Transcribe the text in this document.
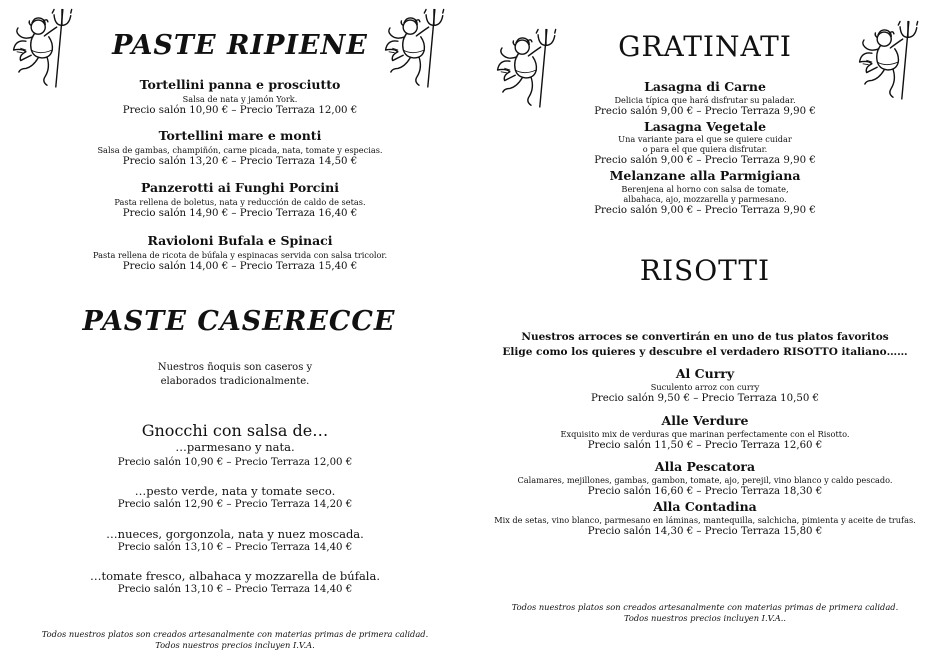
PASTE RIPIENE
Tortellini panna e prosciutto
Salsa de nata y jamón York.
Precio salón 10,90 € – Precio Terraza 12,00 €
Tortellini mare e monti
Salsa de gambas, champiñón, carne picada, nata, tomate y especias.
Precio salón 13,20 € – Precio Terraza 14,50 €
Panzerotti ai Funghi Porcini
Pasta rellena de boletus, nata y reducción de caldo de setas.
Precio salón 14,90 € – Precio Terraza 16,40 €
Ravioloni Bufala e Spinaci
Pasta rellena de ricota de búfala y espinacas servida con salsa tricolor.
Precio salón 14,00 € – Precio Terraza 15,40 €
PASTE CASERECCE
Nuestros ñoquis son caseros y
elaborados tradicionalmente.
Gnocchi con salsa de…
…parmesano y nata.
Precio salón 10,90 € – Precio Terraza 12,00 €
…pesto verde, nata y tomate seco.
Precio salón 12,90 € – Precio Terraza 14,20 €
…nueces, gorgonzola, nata y nuez moscada.
Precio salón 13,10 € – Precio Terraza 14,40 €
…tomate fresco, albahaca y mozzarella de búfala.
Precio salón 13,10 € – Precio Terraza 14,40 €
Todos nuestros platos son creados artesanalmente con materias primas de primera calidad.
Todos nuestros precios incluyen I.V.A.
GRATINATI
Lasagna di Carne
Delicia típica que hará disfrutar su paladar.
Precio salón 9,00 € – Precio Terraza 9,90 €
Lasagna Vegetale
Una variante para el que se quiere cuidar
o para el que quiera disfrutar.
Precio salón 9,00 € – Precio Terraza 9,90 €
Melanzane alla Parmigiana
Berenjena al horno con salsa de tomate,
albahaca, ajo, mozzarella y parmesano.
Precio salón 9,00 € – Precio Terraza 9,90 €
RISOTTI
Nuestros arroces se convertirán en uno de tus platos favoritos
Elige como los quieres y descubre el verdadero RISOTTO italiano……
Al Curry
Suculento arroz con curry
Precio salón 9,50 € – Precio Terraza 10,50 €
Alle Verdure
Exquisito mix de verduras que marinan perfectamente con el Risotto.
Precio salón 11,50 € – Precio Terraza 12,60 €
Alla Pescatora
Calamares, mejillones, gambas, gambon, tomate, ajo, perejil, vino blanco y caldo pescado.
Precio salón 16,60 € – Precio Terraza 18,30 €
Alla Contadina
Mix de setas, vino blanco, parmesano en láminas, mantequilla, salchicha, pimienta y aceite de trufas.
Precio salón 14,30 € – Precio Terraza 15,80 €
Todos nuestros platos son creados artesanalmente con materias primas de primera calidad.
Todos nuestros precios incluyen I.V.A..
